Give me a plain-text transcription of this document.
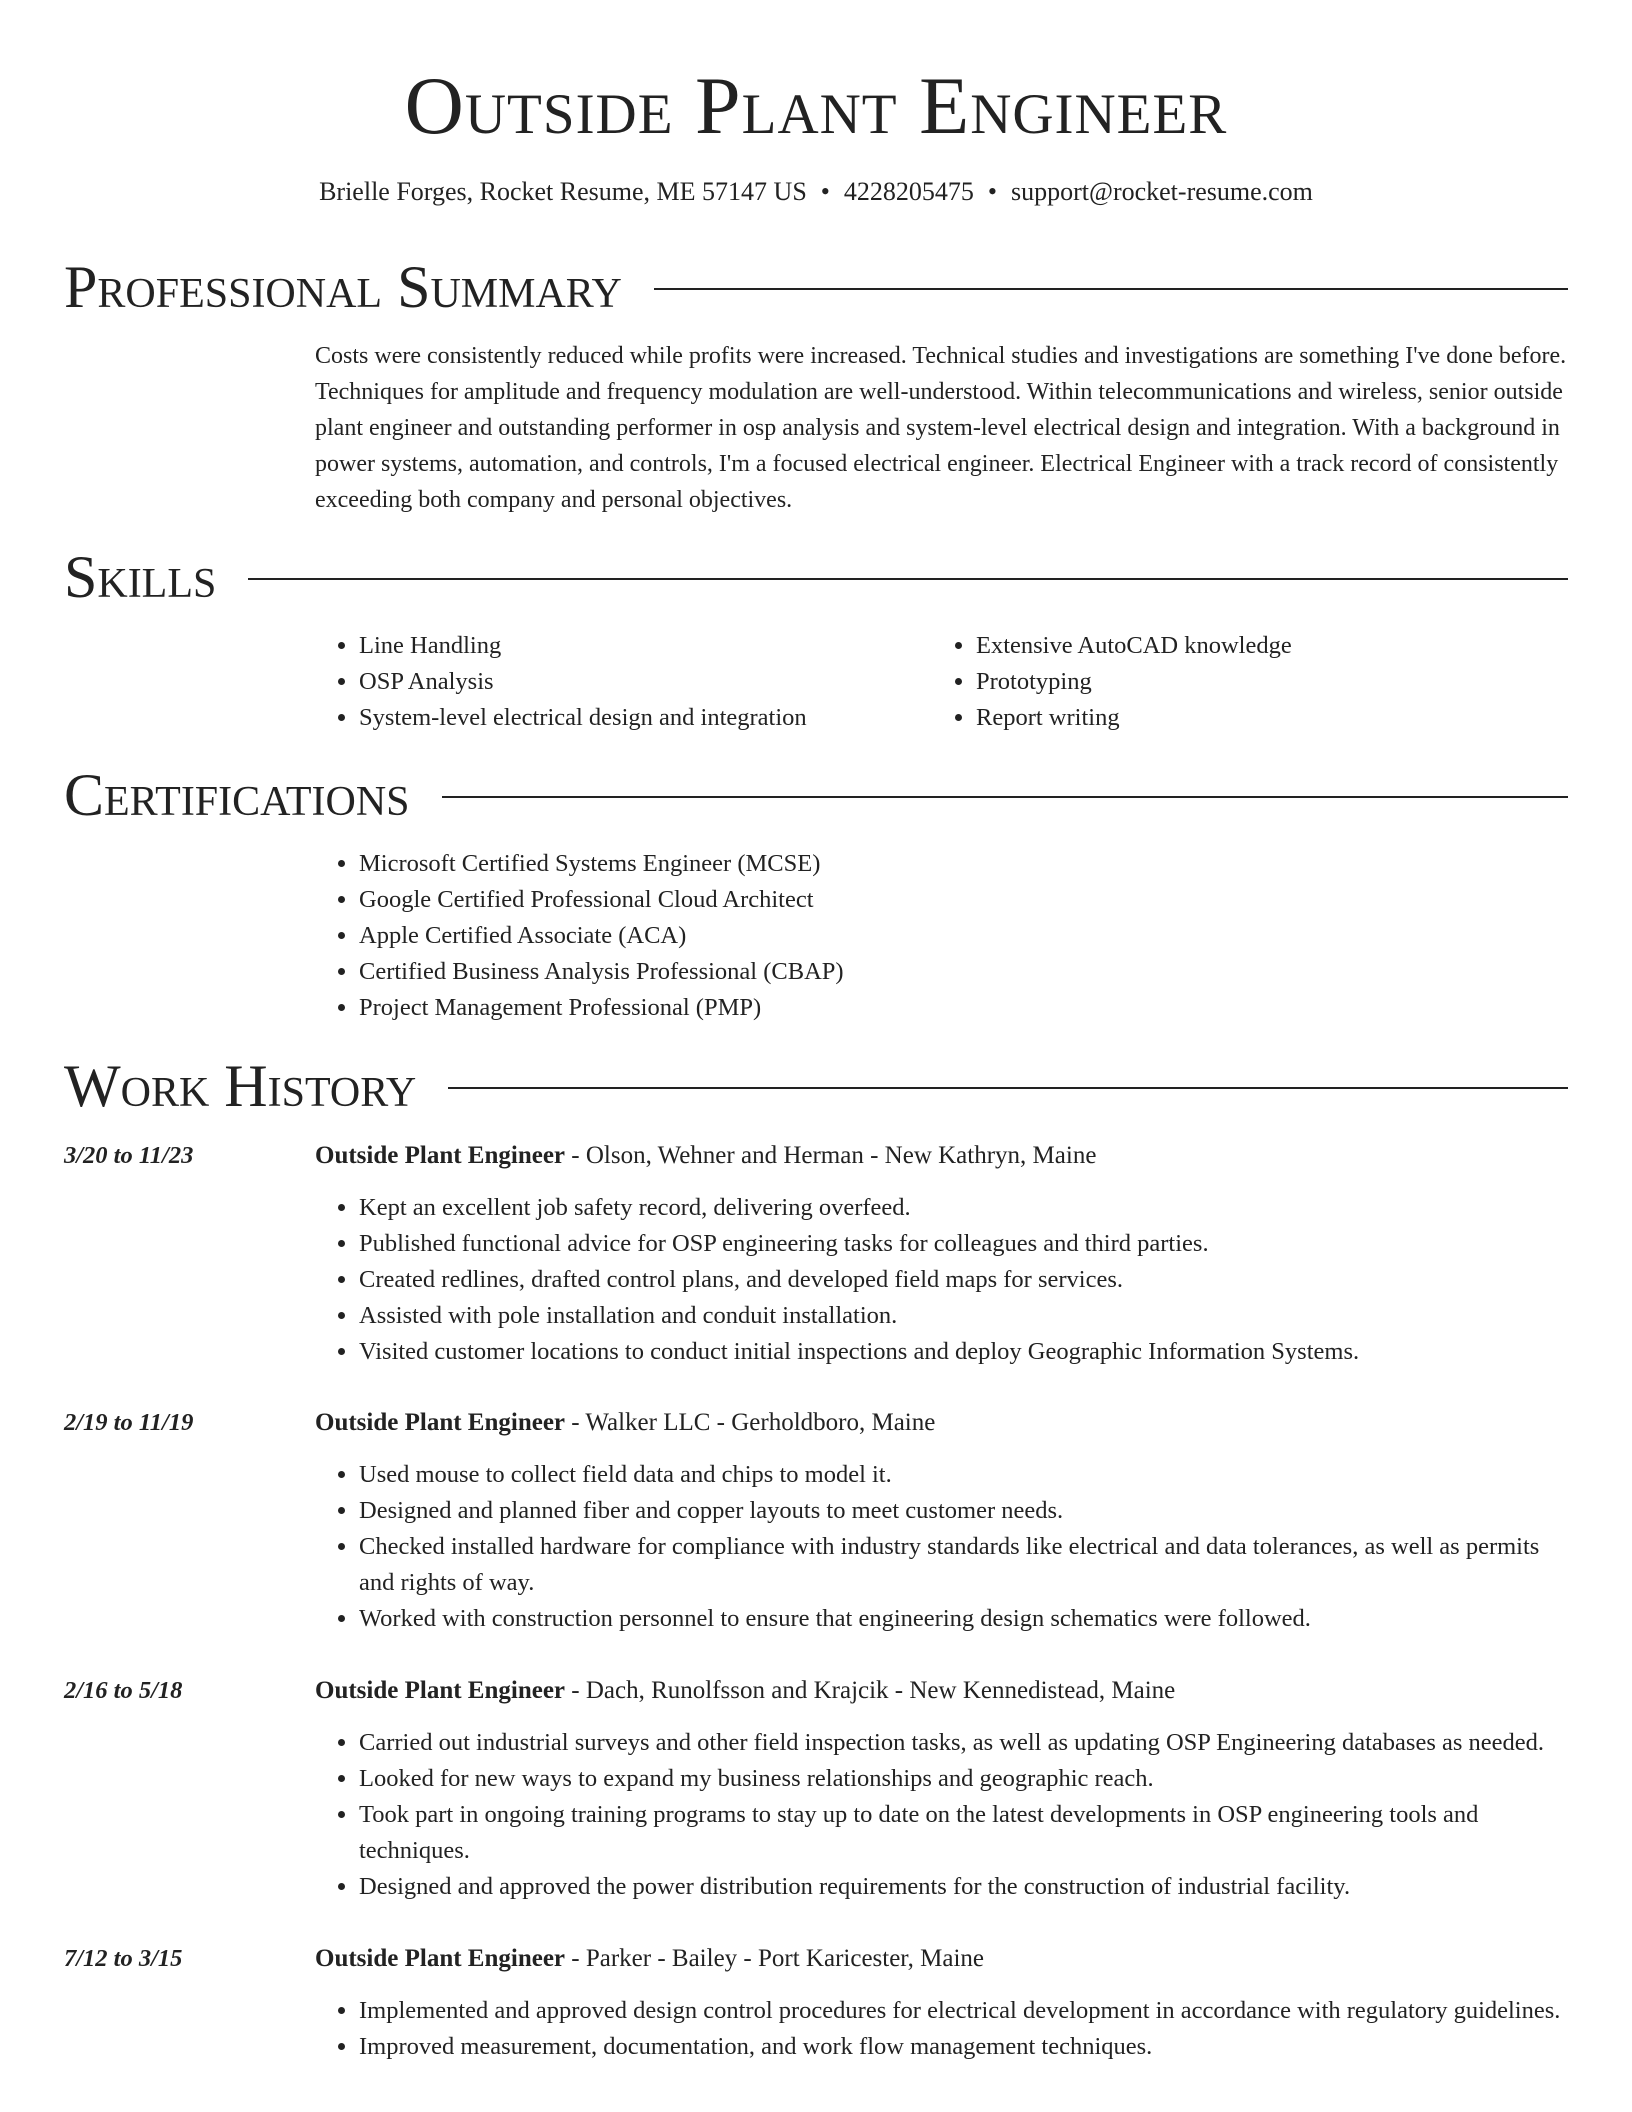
Outside Plant Engineer
Brielle Forges, Rocket Resume, ME 57147 US • 4228205475 • support@rocket-resume.com
Professional Summary

Costs were consistently reduced while profits were increased. Technical studies and investigations are something I've done before. Techniques for amplitude and frequency modulation are well-understood. Within telecommunications and wireless, senior outside plant engineer and outstanding performer in osp analysis and system-level electrical design and integration. With a background in power systems, automation, and controls, I'm a focused electrical engineer. Electrical Engineer with a track record of consistently exceeding both company and personal objectives.

Skills
• Line Handling
• OSP Analysis
• System-level electrical design and integration
• Extensive AutoCAD knowledge
• Prototyping
• Report writing
Certifications
• Microsoft Certified Systems Engineer (MCSE)
• Google Certified Professional Cloud Architect
• Apple Certified Associate (ACA)
• Certified Business Analysis Professional (CBAP)
• Project Management Professional (PMP)
Work History
3/20 to 11/23	Outside Plant Engineer - Olson, Wehner and Herman - New Kathryn, Maine
• Kept an excellent job safety record, delivering overfeed.
• Published functional advice for OSP engineering tasks for colleagues and third parties.
• Created redlines, drafted control plans, and developed field maps for services.
• Assisted with pole installation and conduit installation.
• Visited customer locations to conduct initial inspections and deploy Geographic Information Systems.
2/19 to 11/19	Outside Plant Engineer - Walker LLC - Gerholdboro, Maine
• Used mouse to collect field data and chips to model it.
• Designed and planned fiber and copper layouts to meet customer needs.
• Checked installed hardware for compliance with industry standards like electrical and data tolerances, as well as permits and rights of way.
• Worked with construction personnel to ensure that engineering design schematics were followed.
2/16 to 5/18	Outside Plant Engineer - Dach, Runolfsson and Krajcik - New Kennedistead, Maine
• Carried out industrial surveys and other field inspection tasks, as well as updating OSP Engineering databases as needed.
• Looked for new ways to expand my business relationships and geographic reach.
• Took part in ongoing training programs to stay up to date on the latest developments in OSP engineering tools and techniques.
• Designed and approved the power distribution requirements for the construction of industrial facility.
7/12 to 3/15	Outside Plant Engineer - Parker - Bailey - Port Karicester, Maine
• Implemented and approved design control procedures for electrical development in accordance with regulatory guidelines.
• Improved measurement, documentation, and work flow management techniques.
